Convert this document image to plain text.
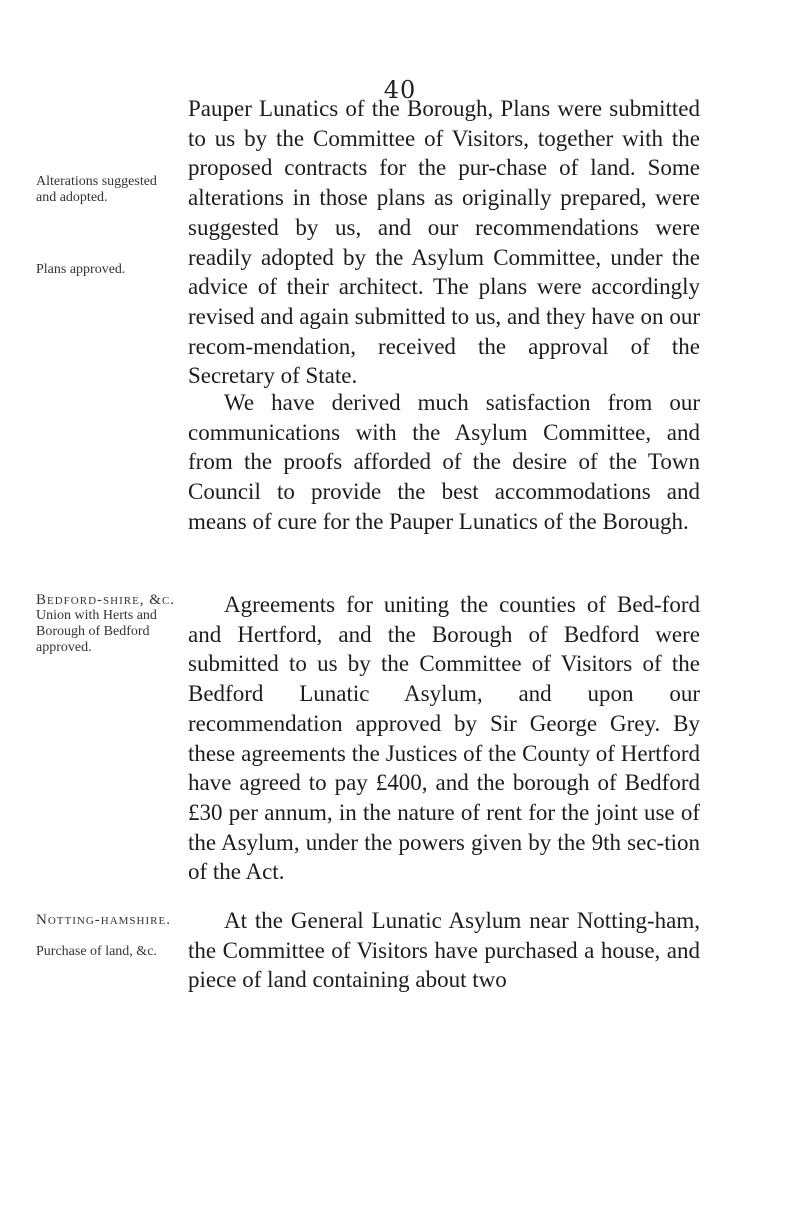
40
Alterations suggested and adopted.
Plans approved.
Pauper Lunatics of the Borough, Plans were submitted to us by the Committee of Visitors, together with the proposed contracts for the pur-chase of land. Some alterations in those plans as originally prepared, were suggested by us, and our recommendations were readily adopted by the Asylum Committee, under the advice of their architect. The plans were accordingly revised and again submitted to us, and they have on our recom-mendation, received the approval of the Secretary of State.
We have derived much satisfaction from our communications with the Asylum Committee, and from the proofs afforded of the desire of the Town Council to provide the best accommodations and means of cure for the Pauper Lunatics of the Borough.
Bedford-shire, &c.
Union with Herts and Borough of Bedford approved.
Agreements for uniting the counties of Bed-ford and Hertford, and the Borough of Bedford were submitted to us by the Committee of Visitors of the Bedford Lunatic Asylum, and upon our recommendation approved by Sir George Grey. By these agreements the Justices of the County of Hertford have agreed to pay £400, and the borough of Bedford £30 per annum, in the nature of rent for the joint use of the Asylum, under the powers given by the 9th sec-tion of the Act.
Notting-hamshire.
Purchase of land, &c.
At the General Lunatic Asylum near Notting-ham, the Committee of Visitors have purchased a house, and piece of land containing about two
